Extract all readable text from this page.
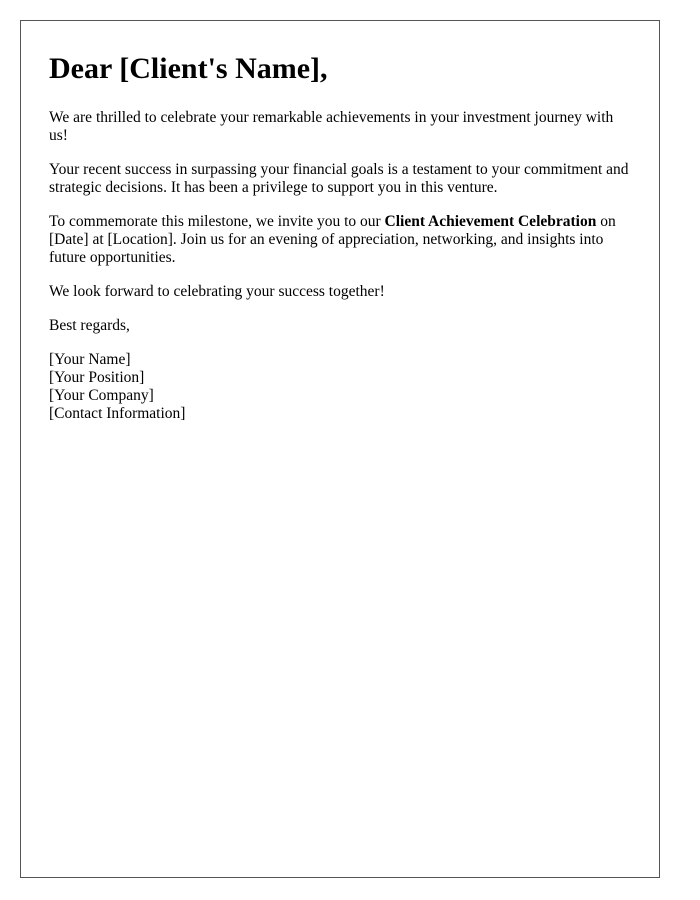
Dear [Client's Name],

We are thrilled to celebrate your remarkable achievements in your investment journey with us!

Your recent success in surpassing your financial goals is a testament to your commitment and strategic decisions. It has been a privilege to support you in this venture.

To commemorate this milestone, we invite you to our Client Achievement Celebration on [Date] at [Location]. Join us for an evening of appreciation, networking, and insights into future opportunities.

We look forward to celebrating your success together!

Best regards,

[Your Name]
[Your Position]
[Your Company]
[Contact Information]
